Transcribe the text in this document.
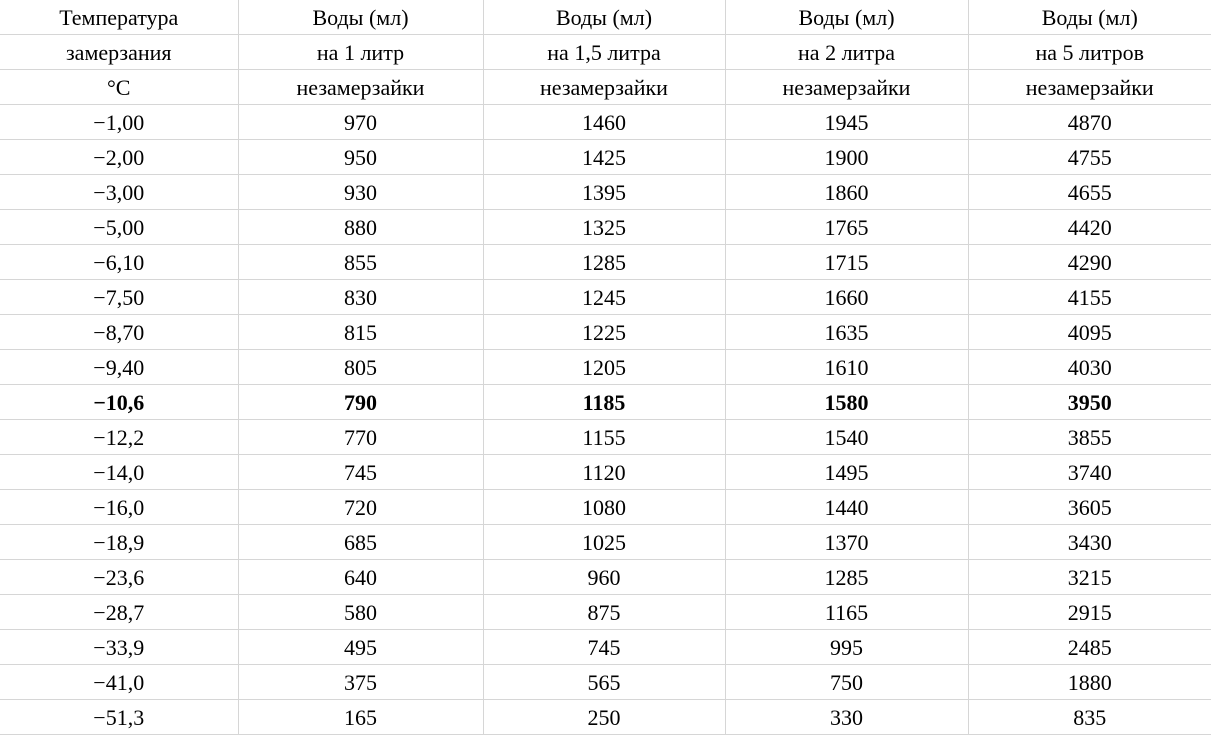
Температура	Воды (мл)	Воды (мл)	Воды (мл)	Воды (мл)
замерзания	на 1 литр	на 1,5 литра	на 2 литра	на 5 литров
°C	незамерзайки	незамерзайки	незамерзайки	незамерзайки
−1,00	970	1460	1945	4870
−2,00	950	1425	1900	4755
−3,00	930	1395	1860	4655
−5,00	880	1325	1765	4420
−6,10	855	1285	1715	4290
−7,50	830	1245	1660	4155
−8,70	815	1225	1635	4095
−9,40	805	1205	1610	4030
−10,6	790	1185	1580	3950
−12,2	770	1155	1540	3855
−14,0	745	1120	1495	3740
−16,0	720	1080	1440	3605
−18,9	685	1025	1370	3430
−23,6	640	960	1285	3215
−28,7	580	875	1165	2915
−33,9	495	745	995	2485
−41,0	375	565	750	1880
−51,3	165	250	330	835
